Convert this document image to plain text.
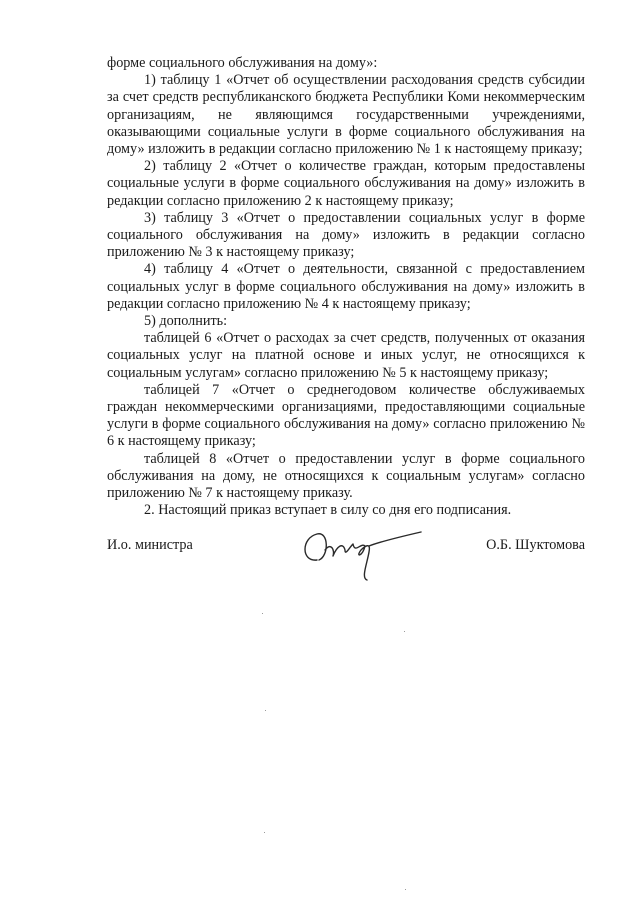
форме социального обслуживания на дому»:

1) таблицу 1 «Отчет об осуществлении расходования средств субсидии за счет средств республиканского бюджета Республики Коми некоммерческим организациям, не являющимся государственными учреждениями, оказывающими социальные услуги в форме социального обслуживания на дому» изложить в редакции согласно приложению № 1 к настоящему приказу;

2) таблицу 2 «Отчет о количестве граждан, которым предоставлены социальные услуги в форме социального обслуживания на дому» изложить в редакции согласно приложению 2 к настоящему приказу;

3) таблицу 3 «Отчет о предоставлении социальных услуг в форме социального обслуживания на дому» изложить в редакции согласно приложению № 3 к настоящему приказу;

4) таблицу 4 «Отчет о деятельности, связанной с предоставлением социальных услуг в форме социального обслуживания на дому» изложить в редакции согласно приложению № 4 к настоящему приказу;

5) дополнить:

таблицей 6 «Отчет о расходах за счет средств, полученных от оказания социальных услуг на платной основе и иных услуг, не относящихся к социальным услугам» согласно приложению № 5 к настоящему приказу;

таблицей 7 «Отчет о среднегодовом количестве обслуживаемых граждан некоммерческими организациями, предоставляющими социальные услуги в форме социального обслуживания на дому» согласно приложению № 6 к настоящему приказу;

таблицей 8 «Отчет о предоставлении услуг в форме социального обслуживания на дому, не относящихся к социальным услугам» согласно приложению № 7 к настоящему приказу.

2. Настоящий приказ вступает в силу со дня его подписания.

И.о. министра	О.Б. Шуктомова
